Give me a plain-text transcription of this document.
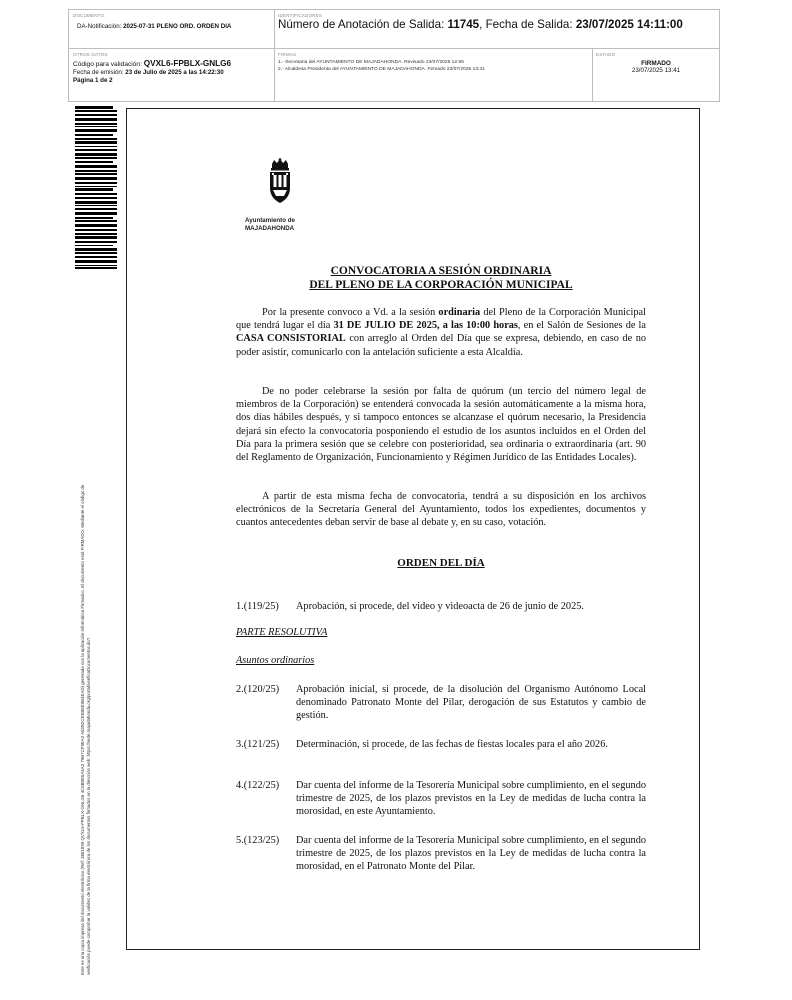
DOCUMENTO
DA-Notificación: 2025-07-31 PLENO ORD. ORDEN DIA
IDENTIFICADORES
Número de Anotación de Salida: 11745, Fecha de Salida: 23/07/2025 14:11:00
OTROS DATOS
Código para validación: QVXL6-FPBLX-GNLG6
Fecha de emisión: 23 de Julio de 2025 a las 14:22:30
Página 1 de 2
FIRMAS
1.- Secretaria del AYUNTAMIENTO DE MAJADAHONDA. Revisado 23/07/2025 12:55
2.- Alcaldesa Presidenta del AYUNTAMIENTO DE MAJADAHONDA. Firmado 23/07/2025 13:41
ESTADO
FIRMADO
23/07/2025 13:41
Este es una copia impresa del documento electrónico (Ref: 3851899 QVXL6-FPBLX-GNLG6 4C6B8E5A4A3 79B7CF9EA2 A52B2CEEB5E9B4EAD) generada con la aplicación informática Firmadoc. El documento está FIRMADO. Mediante el código de verificación puede comprobar la validez de la firma electrónica de los documentos firmados en la dirección web: https://sede.majadahonda.org/portal/verificaDocumentos.do?
Ayuntamiento de
MAJADAHONDA
CONVOCATORIA A SESIÓN ORDINARIA
DEL PLENO DE LA CORPORACIÓN MUNICIPAL
Por la presente convoco a Vd. a la sesión ordinaria del Pleno de la Corporación Municipal que tendrá lugar el día 31 DE JULIO DE 2025, a las 10:00 horas, en el Salón de Sesiones de la CASA CONSISTORIAL con arreglo al Orden del Día que se expresa, debiendo, en caso de no poder asistir, comunicarlo con la antelación suficiente a esta Alcaldía.
De no poder celebrarse la sesión por falta de quórum (un tercio del número legal de miembros de la Corporación) se entenderá convocada la sesión automáticamente a la misma hora, dos días hábiles después, y si tampoco entonces se alcanzase el quórum necesario, la Presidencia dejará sin efecto la convocatoria posponiendo el estudio de los asuntos incluidos en el Orden del Día para la primera sesión que se celebre con posterioridad, sea ordinaria o extraordinaria (art. 90 del Reglamento de Organización, Funcionamiento y Régimen Jurídico de las Entidades Locales).
A partir de esta misma fecha de convocatoria, tendrá a su disposición en los archivos electrónicos de la Secretaría General del Ayuntamiento, todos los expedientes, documentos y cuantos antecedentes deban servir de base al debate y, en su caso, votación.
ORDEN DEL DÍA
1.(119/25)	Aprobación, si procede, del video y videoacta de 26 de junio de 2025.
PARTE RESOLUTIVA
Asuntos ordinarios
2.(120/25)	Aprobación inicial, si procede, de la disolución del Organismo Autónomo Local denominado Patronato Monte del Pilar, derogación de sus Estatutos y cambio de gestión.
3.(121/25)	Determinación, si procede, de las fechas de fiestas locales para el año 2026.
4.(122/25)	Dar cuenta del informe de la Tesorería Municipal sobre cumplimiento, en el segundo trimestre de 2025, de los plazos previstos en la Ley de medidas de lucha contra la morosidad, en este Ayuntamiento.
5.(123/25)	Dar cuenta del informe de la Tesorería Municipal sobre cumplimiento, en el segundo trimestre de 2025, de los plazos previstos en la Ley de medidas de lucha contra la morosidad, en el Patronato Monte del Pilar.
